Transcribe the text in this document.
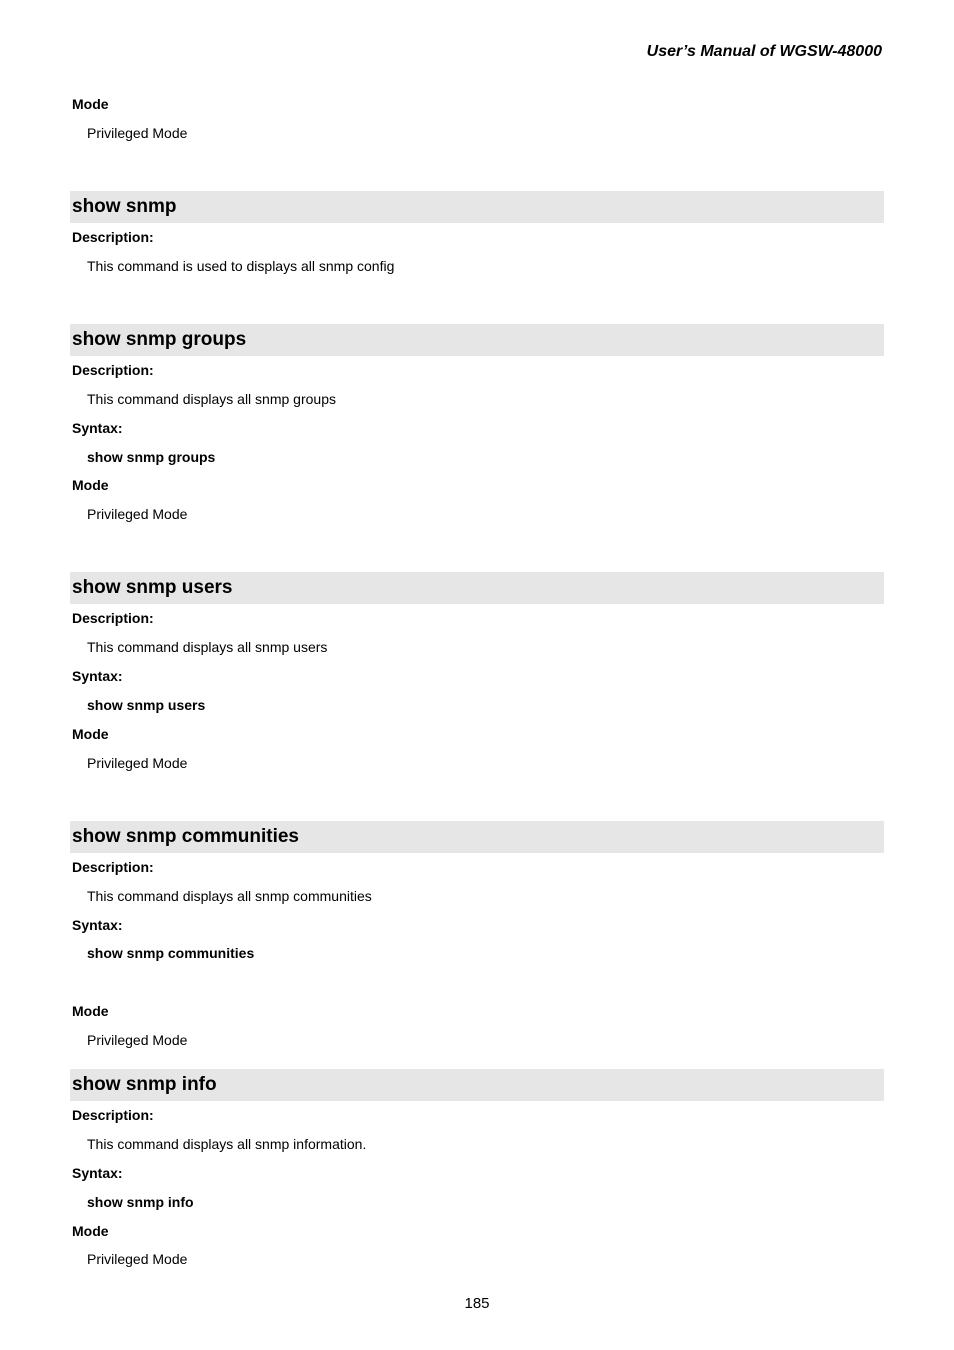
User’s Manual of WGSW-48000
Mode
Privileged Mode
show snmp
Description:
This command is used to displays all snmp config
show snmp groups
Description:
This command displays all snmp groups
Syntax:
show snmp groups
Mode
Privileged Mode
show snmp users
Description:
This command displays all snmp users
Syntax:
show snmp users
Mode
Privileged Mode
show snmp communities
Description:
This command displays all snmp communities
Syntax:
show snmp communities
Mode
Privileged Mode
show snmp info
Description:
This command displays all snmp information.
Syntax:
show snmp info
Mode
Privileged Mode
185
